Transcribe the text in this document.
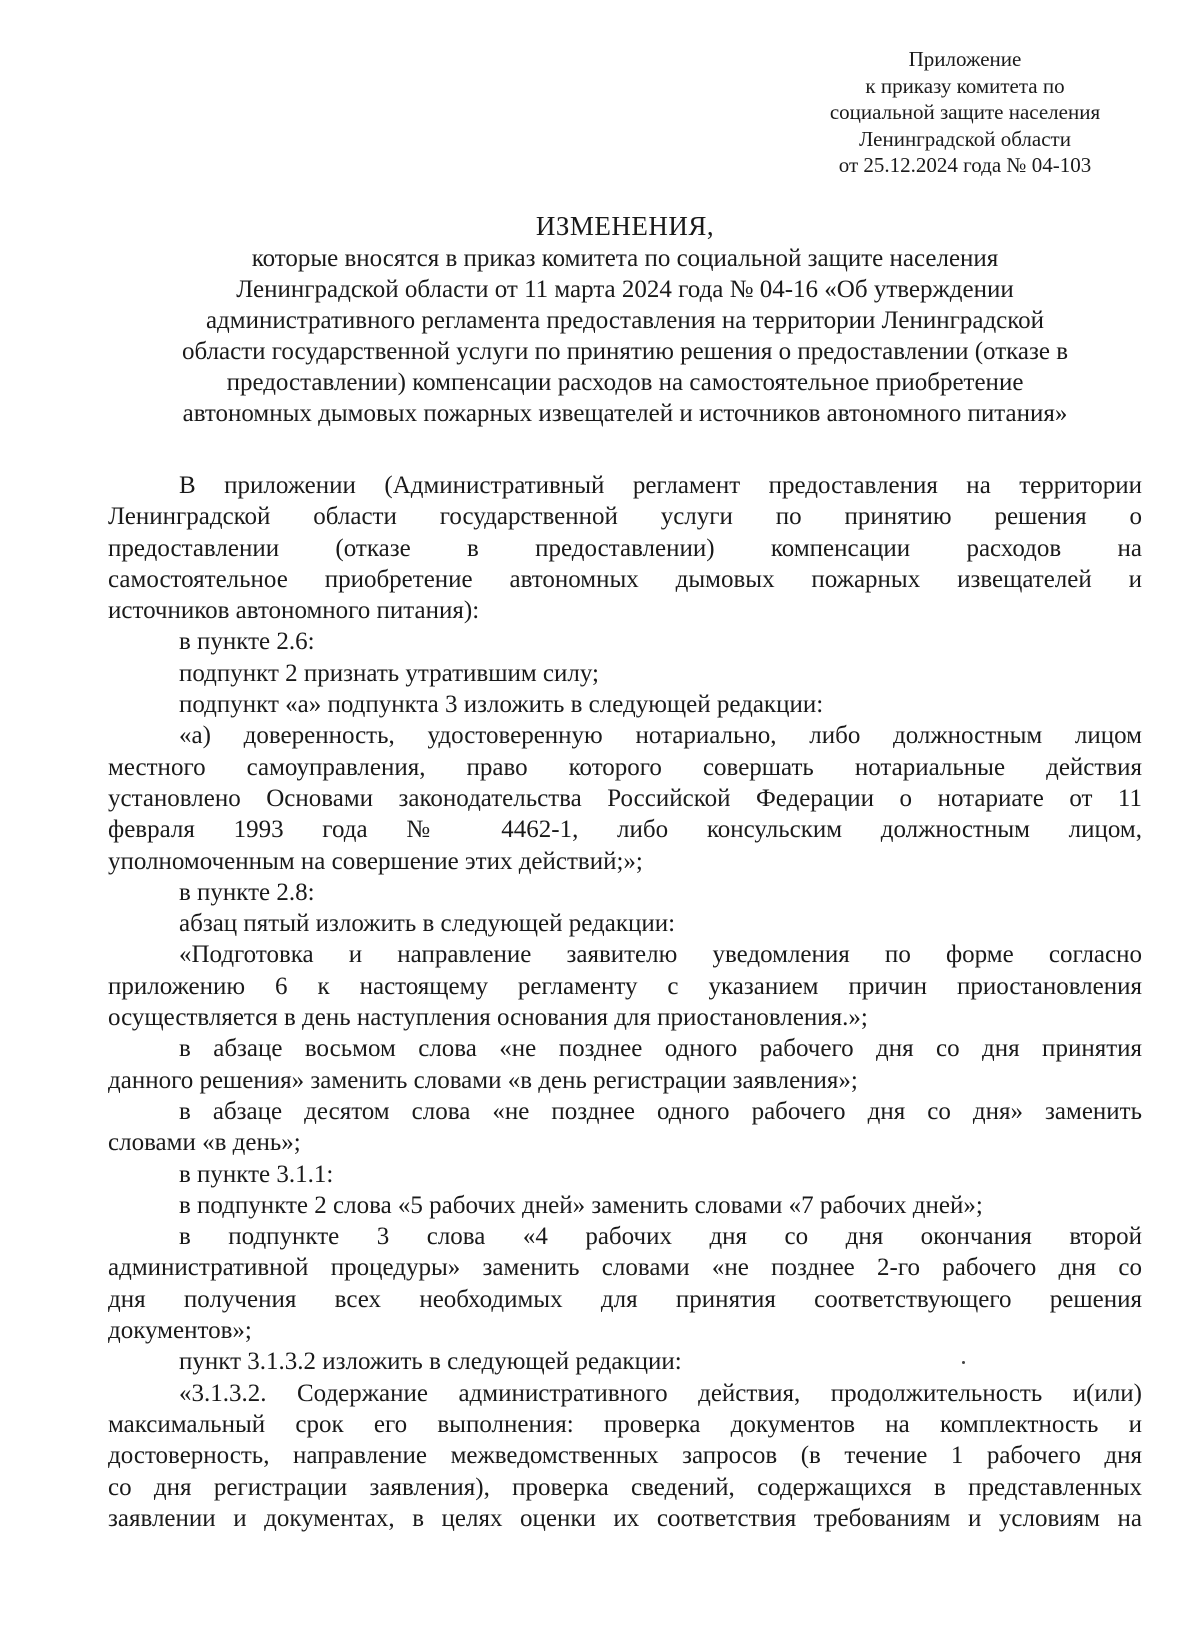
Приложение
к приказу комитета по
социальной защите населения
Ленинградской области
от 25.12.2024 года № 04-103
ИЗМЕНЕНИЯ,
которые вносятся в приказ комитета по социальной защите населения
Ленинградской области от 11 марта 2024 года № 04-16 «Об утверждении
административного регламента предоставления на территории Ленинградской
области государственной услуги по принятию решения о предоставлении (отказе в
предоставлении) компенсации расходов на самостоятельное приобретение
автономных дымовых пожарных извещателей и источников автономного питания»
В приложении (Административный регламент предоставления на территории
Ленинградской области государственной услуги по принятию решения о
предоставлении (отказе в предоставлении) компенсации расходов на
самостоятельное приобретение автономных дымовых пожарных извещателей и
источников автономного питания):
в пункте 2.6:
подпункт 2 признать утратившим силу;
подпункт «а» подпункта 3 изложить в следующей редакции:
«а) доверенность, удостоверенную нотариально, либо должностным лицом
местного самоуправления, право которого совершать нотариальные действия
установлено Основами законодательства Российской Федерации о нотариате от 11
февраля 1993 года № 4462-1, либо консульским должностным лицом,
уполномоченным на совершение этих действий;»;
в пункте 2.8:
абзац пятый изложить в следующей редакции:
«Подготовка и направление заявителю уведомления по форме согласно
приложению 6 к настоящему регламенту с указанием причин приостановления
осуществляется в день наступления основания для приостановления.»;
в абзаце восьмом слова «не позднее одного рабочего дня со дня принятия
данного решения» заменить словами «в день регистрации заявления»;
в абзаце десятом слова «не позднее одного рабочего дня со дня» заменить
словами «в день»;
в пункте 3.1.1:
в подпункте 2 слова «5 рабочих дней» заменить словами «7 рабочих дней»;
в подпункте 3 слова «4 рабочих дня со дня окончания второй
административной процедуры» заменить словами «не позднее 2-го рабочего дня со
дня получения всех необходимых для принятия соответствующего решения
документов»;
пункт 3.1.3.2 изложить в следующей редакции:
«3.1.3.2. Содержание административного действия, продолжительность и(или)
максимальный срок его выполнения: проверка документов на комплектность и
достоверность, направление межведомственных запросов (в течение 1 рабочего дня
со дня регистрации заявления), проверка сведений, содержащихся в представленных
заявлении и документах, в целях оценки их соответствия требованиям и условиям на
